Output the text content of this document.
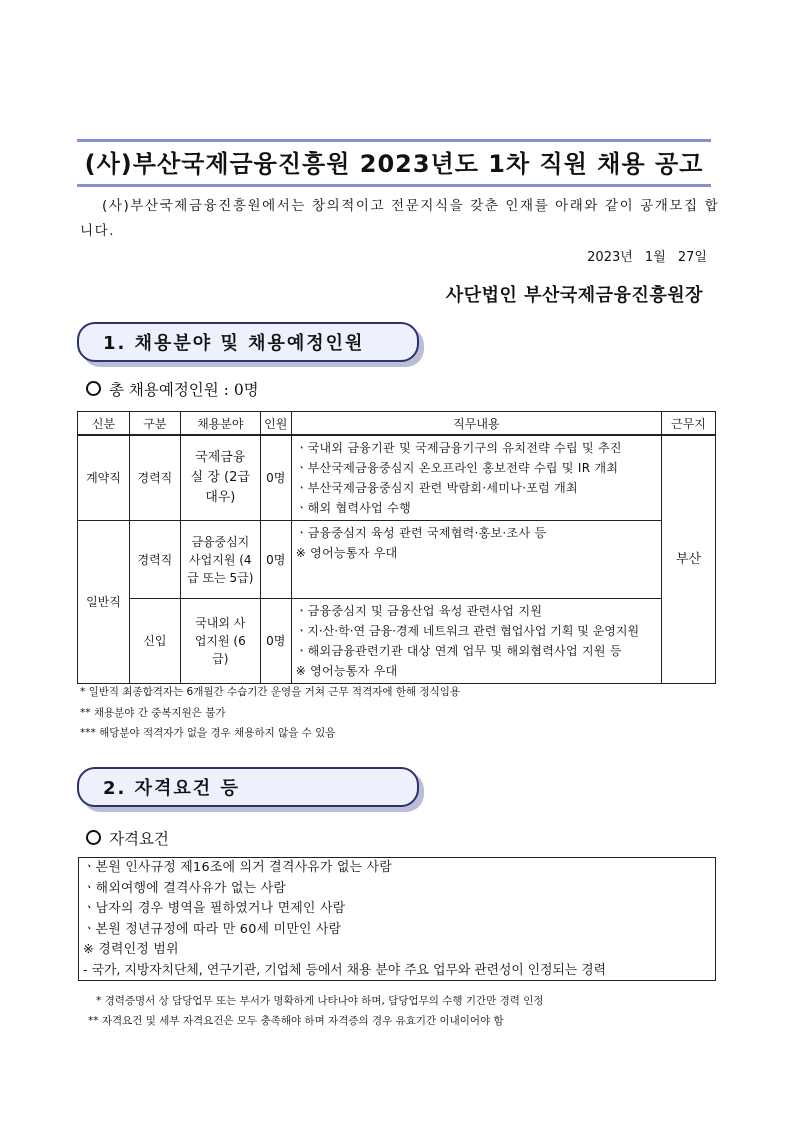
(사)부산국제금융진흥원 2023년도 1차 직원 채용 공고
(사)부산국제금융진흥원에서는 창의적이고 전문지식을 갖춘 인재를 아래와 같이 공개모집 합니다.
2023년 1월 27일
사단법인 부산국제금융진흥원장
1. 채용분야 및 채용예정인원
총 채용예정인원 : 0명
신분	구분	채용분야	인원	직무내용	근무지
계약직	경력직	국제금융 실 장 (2급 대우)	0명	ㆍ국내외 금융기관 및 국제금융기구의 유치전략 수립 및 추진
ㆍ부산국제금융중심지 온오프라인 홍보전략 수립 및 IR 개최
ㆍ부산국제금융중심지 관련 박람회·세미나·포럼 개최
ㆍ해외 협력사업 수행	부산
일반직	경력직	금융중심지 사업지원 (4급 또는 5급)	0명	ㆍ금융중심지 육성 관련 국제협력·홍보·조사 등
※ 영어능통자 우대	

	신입	국내외 사업지원 (6급)	0명	ㆍ금융중심지 및 금융산업 육성 관련사업 지원
ㆍ지·산·학·연 금융·경제 네트워크 관련 협업사업 기획 및 운영지원
ㆍ해외금융관련기관 대상 연계 업무 및 해외협력사업 지원 등
※ 영어능통자 우대	
* 일반직 최종합격자는 6개월간 수습기간 운영을 거쳐 근무 적격자에 한해 정식임용
** 채용분야 간 중복지원은 불가
*** 해당분야 적격자가 없을 경우 채용하지 않을 수 있음
2. 자격요건 등
자격요건
ㆍ본원 인사규정 제16조에 의거 결격사유가 없는 사람
ㆍ해외여행에 결격사유가 없는 사람
ㆍ남자의 경우 병역을 필하였거나 면제인 사람
ㆍ본원 정년규정에 따라 만 60세 미만인 사람
※ 경력인정 범위
- 국가, 지방자치단체, 연구기관, 기업체 등에서 채용 분야 주요 업무와 관련성이 인정되는 경력
* 경력증명서 상 담당업무 또는 부서가 명확하게 나타나야 하며, 담당업무의 수행 기간만 경력 인정
** 자격요건 및 세부 자격요건은 모두 충족해야 하며 자격증의 경우 유효기간 이내이어야 함
